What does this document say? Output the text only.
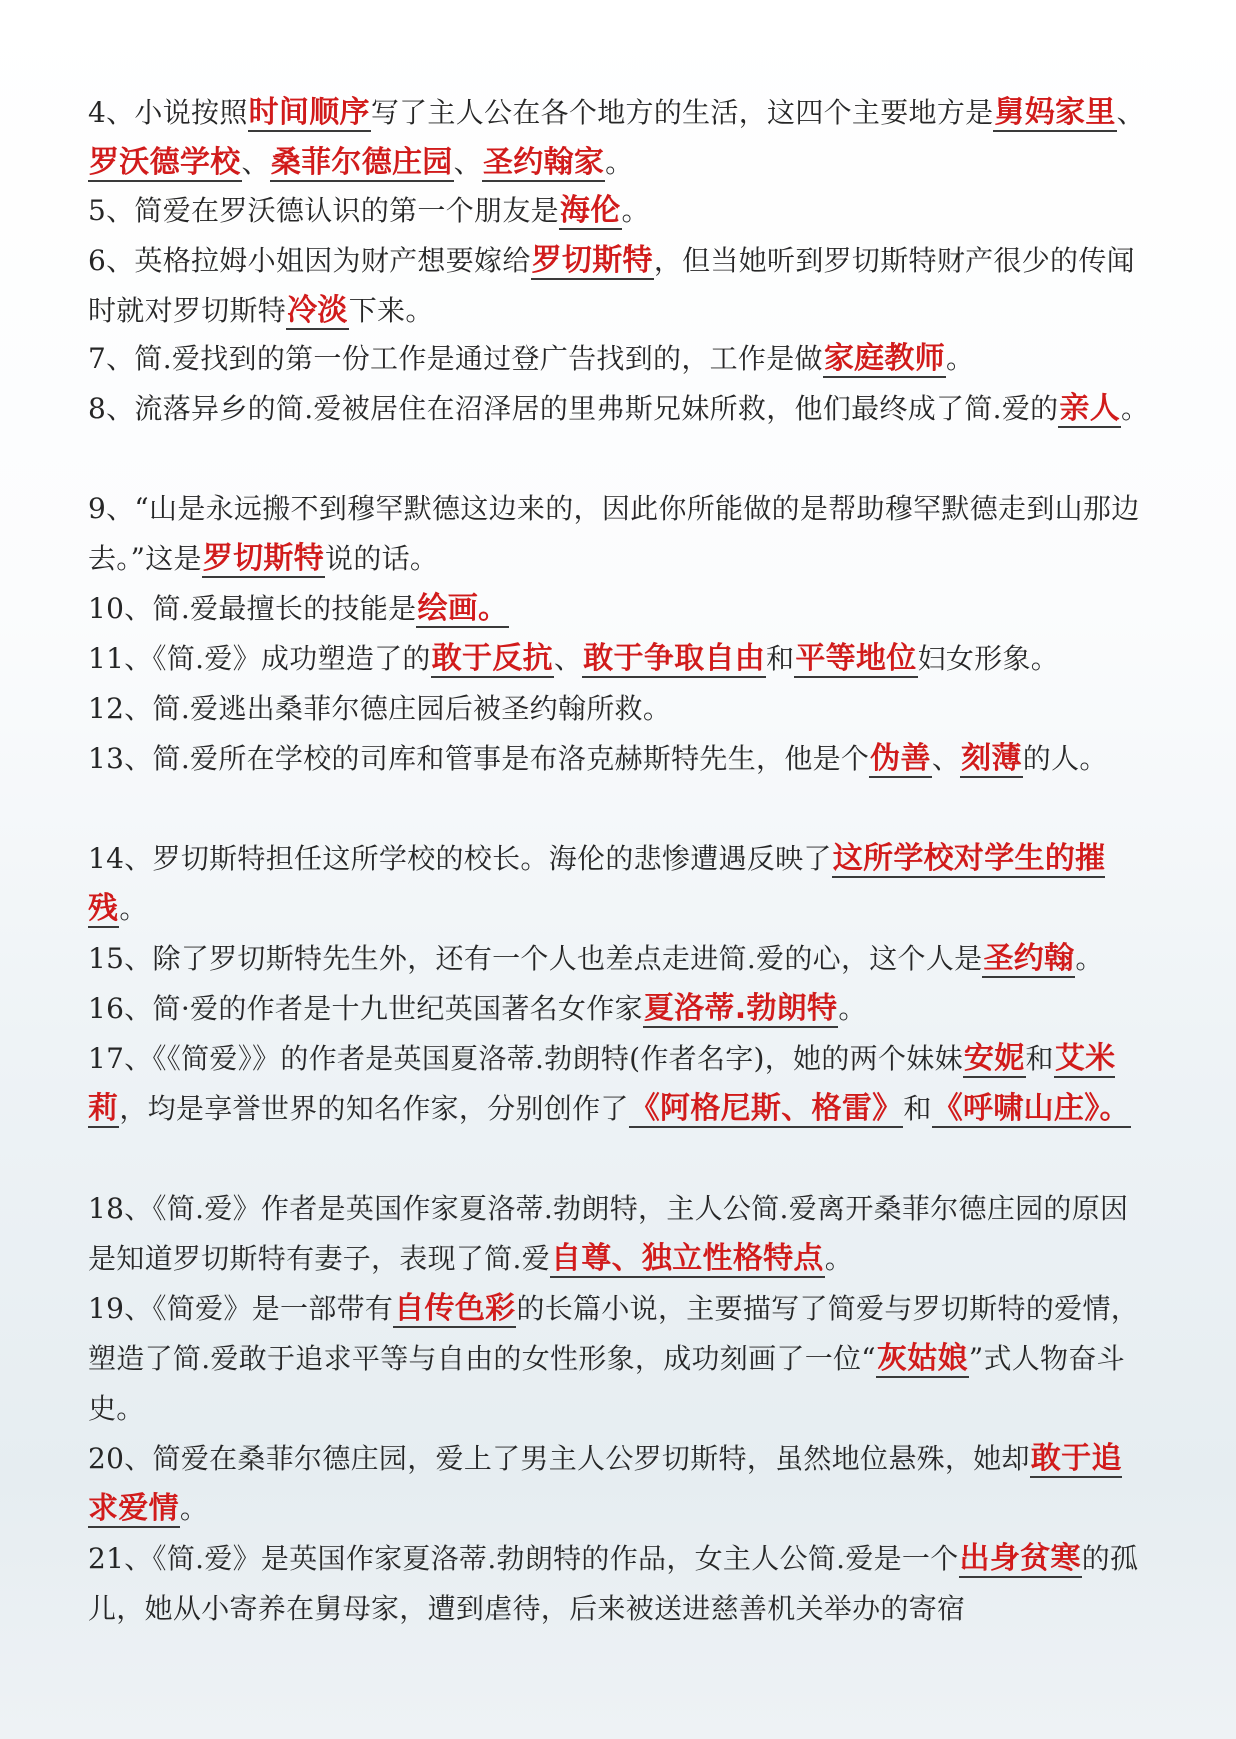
4、小说按照时间顺序写了主人公在各个地方的生活，这四个主要地方是舅妈家里、罗沃德学校、桑菲尔德庄园、圣约翰家。
5、简爱在罗沃德认识的第一个朋友是海伦。
6、英格拉姆小姐因为财产想要嫁给罗切斯特，但当她听到罗切斯特财产很少的传闻时就对罗切斯特冷淡下来。
7、简.爱找到的第一份工作是通过登广告找到的，工作是做家庭教师。
8、流落异乡的简.爱被居住在沼泽居的里弗斯兄妹所救，他们最终成了简.爱的亲人。
9、“山是永远搬不到穆罕默德这边来的，因此你所能做的是帮助穆罕默德走到山那边去。”这是罗切斯特说的话。
10、简.爱最擅长的技能是绘画。
11、《简.爱》成功塑造了的敢于反抗、敢于争取自由和平等地位妇女形象。
12、简.爱逃出桑菲尔德庄园后被圣约翰所救。
13、简.爱所在学校的司库和管事是布洛克赫斯特先生，他是个伪善、刻薄的人。
14、罗切斯特担任这所学校的校长。海伦的悲惨遭遇反映了这所学校对学生的摧残。
15、除了罗切斯特先生外，还有一个人也差点走进简.爱的心，这个人是圣约翰。
16、简·爱的作者是十九世纪英国著名女作家夏洛蒂.勃朗特。
17、《《简爱》》的作者是英国夏洛蒂.勃朗特(作者名字)，她的两个妹妹安妮和艾米莉，均是享誉世界的知名作家，分别创作了《阿格尼斯、格雷》和《呼啸山庄》。
18、《简.爱》作者是英国作家夏洛蒂.勃朗特，主人公简.爱离开桑菲尔德庄园的原因是知道罗切斯特有妻子，表现了简.爱自尊、独立性格特点。
19、《简爱》是一部带有自传色彩的长篇小说，主要描写了简爱与罗切斯特的爱情，塑造了简.爱敢于追求平等与自由的女性形象，成功刻画了一位“灰姑娘”式人物奋斗史。
20、简爱在桑菲尔德庄园，爱上了男主人公罗切斯特，虽然地位悬殊，她却敢于追求爱情。
21、《简.爱》是英国作家夏洛蒂.勃朗特的作品，女主人公简.爱是一个出身贫寒的孤儿，她从小寄养在舅母家，遭到虐待，后来被送进慈善机关举办的寄宿
